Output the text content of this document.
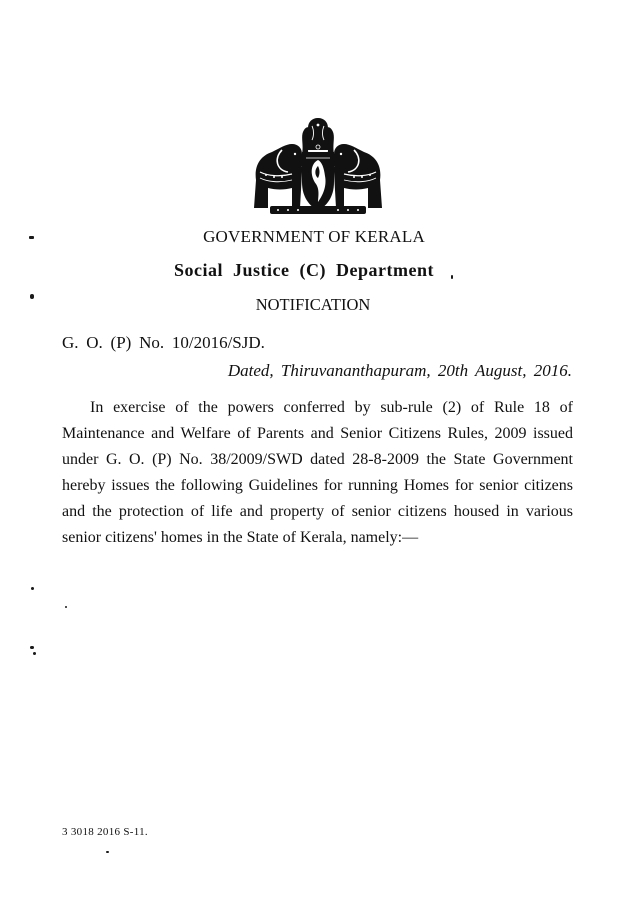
GOVERNMENT OF KERALA
Social Justice (C) Department
NOTIFICATION
G. O. (P) No. 10/2016/SJD.
Dated, Thiruvananthapuram, 20th August, 2016.
In exercise of the powers conferred by sub-rule (2) of Rule 18 of
Maintenance and Welfare of Parents and Senior Citizens Rules, 2009 issued
under G. O. (P) No. 38/2009/SWD dated 28-8-2009 the State Government
hereby issues the following Guidelines for running Homes for senior citizens
and the protection of life and property of senior citizens housed in various
senior citizens' homes in the State of Kerala, namely:—
3 3018 2016 S-11.
